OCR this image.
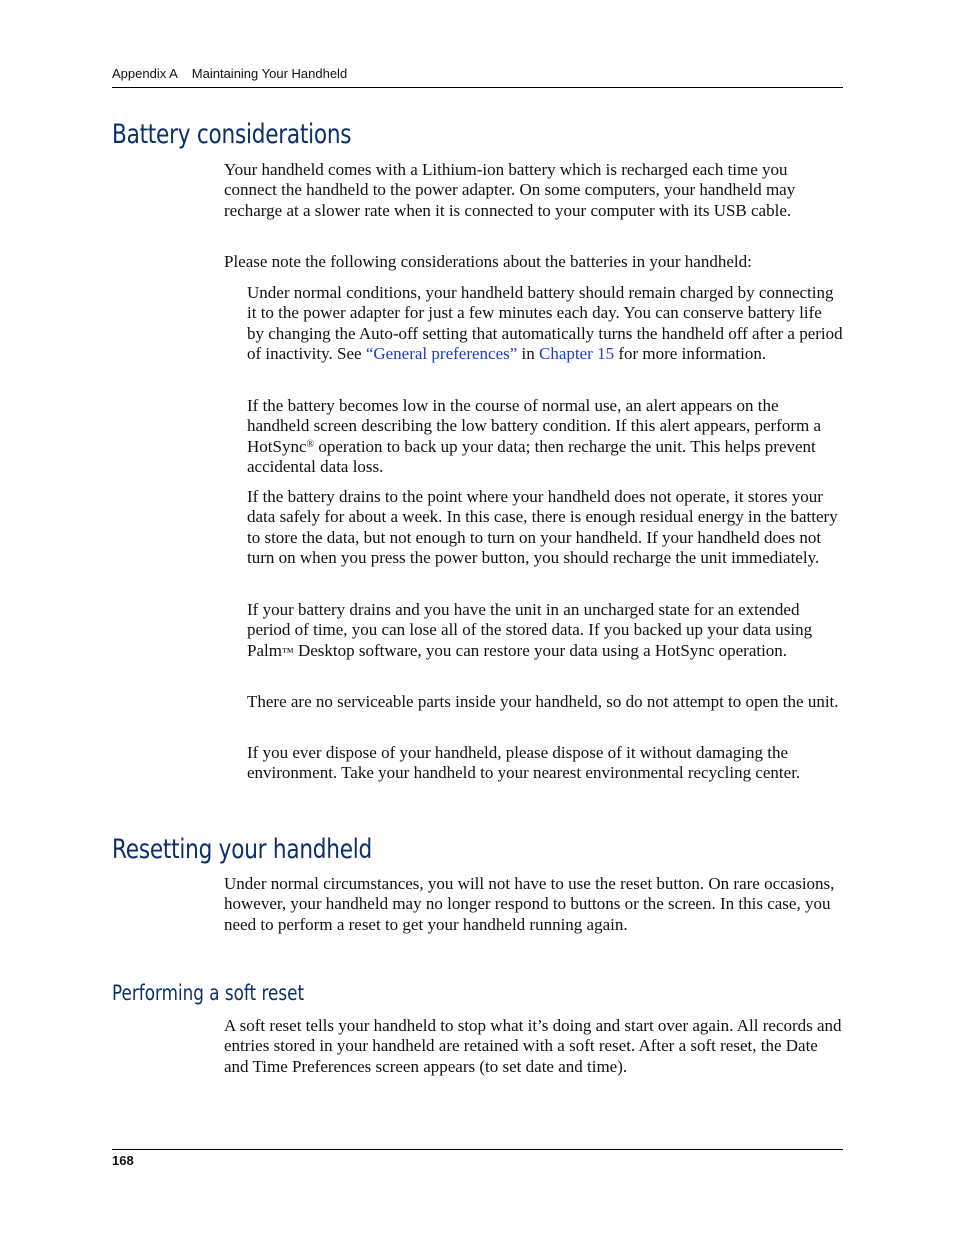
Appendix A Maintaining Your Handheld
Battery considerations

Your handheld comes with a Lithium-ion battery which is recharged each time you connect the handheld to the power adapter. On some computers, your handheld may recharge at a slower rate when it is connected to your computer with its USB cable.

Please note the following considerations about the batteries in your handheld:

Under normal conditions, your handheld battery should remain charged by connecting it to the power adapter for just a few minutes each day. You can conserve battery life by changing the Auto-off setting that automatically turns the handheld off after a period of inactivity. See “General preferences” in Chapter 15 for more information.

If the battery becomes low in the course of normal use, an alert appears on the handheld screen describing the low battery condition. If this alert appears, perform a HotSync® operation to back up your data; then recharge the unit. This helps prevent accidental data loss.

If the battery drains to the point where your handheld does not operate, it stores your data safely for about a week. In this case, there is enough residual energy in the battery to store the data, but not enough to turn on your handheld. If your handheld does not turn on when you press the power button, you should recharge the unit immediately.

If your battery drains and you have the unit in an uncharged state for an extended period of time, you can lose all of the stored data. If you backed up your data using Palm™ Desktop software, you can restore your data using a HotSync operation.

There are no serviceable parts inside your handheld, so do not attempt to open the unit.

If you ever dispose of your handheld, please dispose of it without damaging the environment. Take your handheld to your nearest environmental recycling center.

Resetting your handheld

Under normal circumstances, you will not have to use the reset button. On rare occasions, however, your handheld may no longer respond to buttons or the screen. In this case, you need to perform a reset to get your handheld running again.

Performing a soft reset

A soft reset tells your handheld to stop what it’s doing and start over again. All records and entries stored in your handheld are retained with a soft reset. After a soft reset, the Date and Time Preferences screen appears (to set date and time).

168
